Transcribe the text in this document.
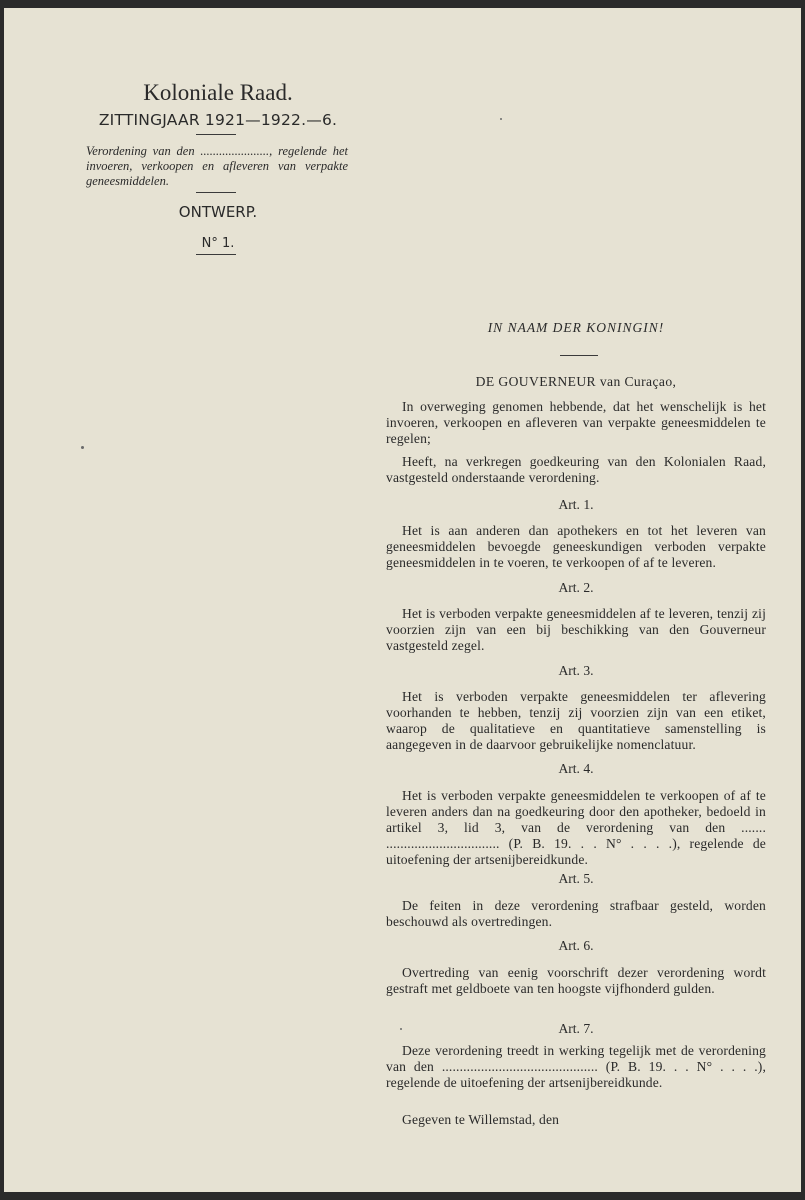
Koloniale Raad.
ZITTINGJAAR 1921—1922.—6.
Verordening van den ......................, regelende het invoeren, verkoopen en afleveren van verpakte geneesmiddelen.
ONTWERP.
N° 1.
IN NAAM DER KONINGIN!
DE GOUVERNEUR van Curaçao,
In overweging genomen hebbende, dat het wenschelijk is het invoeren, verkoopen en afleveren van verpakte geneesmiddelen te regelen;
Heeft, na verkregen goedkeuring van den Kolonialen Raad, vastgesteld onderstaande verordening.
Art. 1.
Het is aan anderen dan apothekers en tot het leveren van geneesmiddelen bevoegde geneeskundigen verboden verpakte geneesmiddelen in te voeren, te verkoopen of af te leveren.
Art. 2.
Het is verboden verpakte geneesmiddelen af te leveren, tenzij zij voorzien zijn van een bij beschikking van den Gouverneur vastgesteld zegel.
Art. 3.
Het is verboden verpakte geneesmiddelen ter aflevering voorhanden te hebben, tenzij zij voorzien zijn van een etiket, waarop de qualitatieve en quantitatieve samenstelling is aangegeven in de daarvoor gebruikelijke nomenclatuur.
Art. 4.
Het is verboden verpakte geneesmiddelen te verkoopen of af te leveren anders dan na goedkeuring door den apotheker, bedoeld in artikel 3, lid 3, van de verordening van den ....... ................................ (P. B. 19. . . N° . . . .), regelende de uitoefening der artsenijbereidkunde.
Art. 5.
De feiten in deze verordening strafbaar gesteld, worden beschouwd als overtredingen.
Art. 6.
Overtreding van eenig voorschrift dezer verordening wordt gestraft met geldboete van ten hoogste vijfhonderd gulden.
Art. 7.
Deze verordening treedt in werking tegelijk met de verordening van den ............................................ (P. B. 19. . . N° . . . .), regelende de uitoefening der artsenijbereidkunde.
Gegeven te Willemstad, den
